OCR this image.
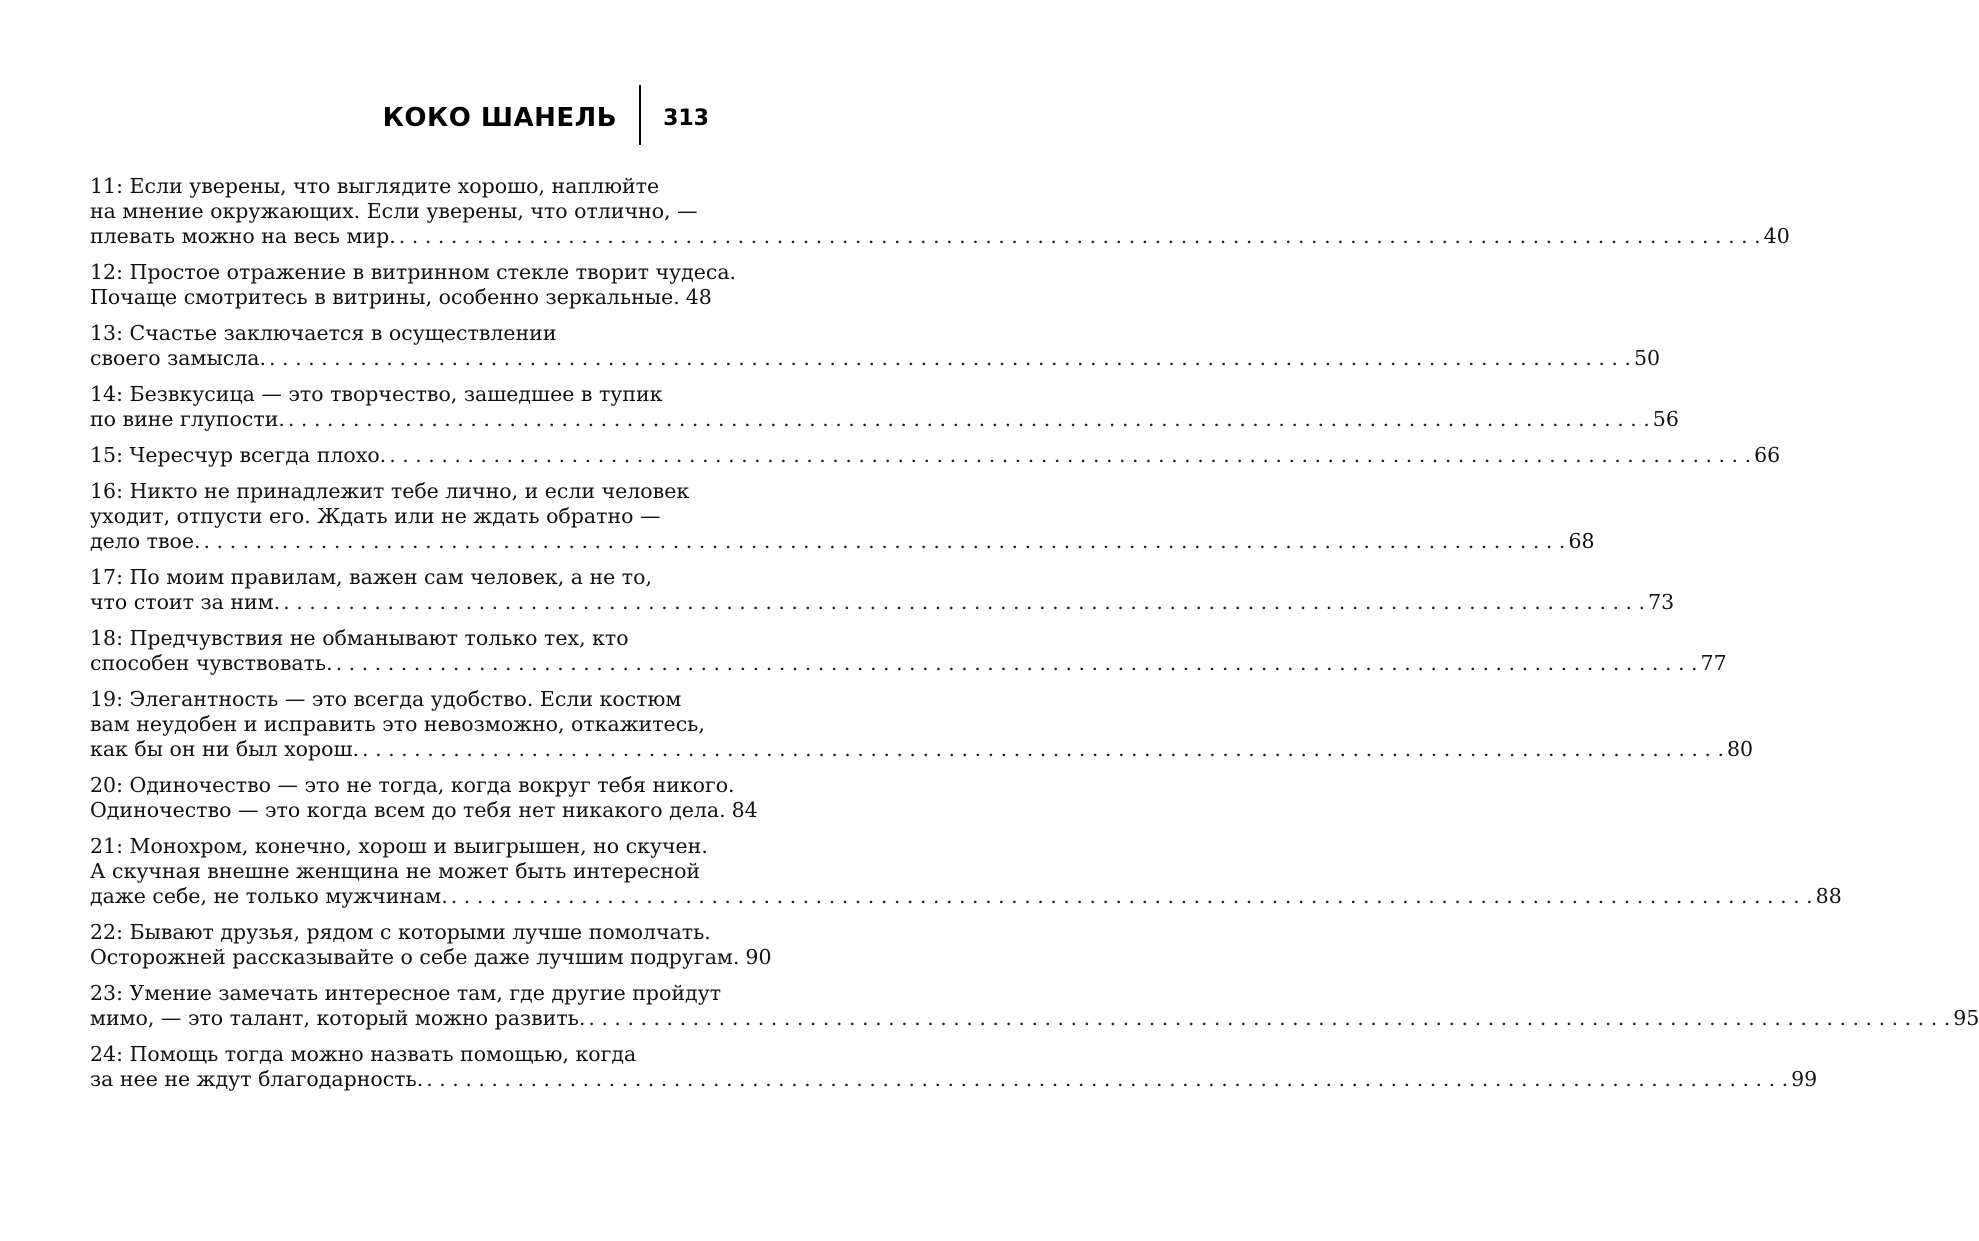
КОКО ШАНЕЛЬ 313
11: Если уверены, что выглядите хорошо, наплюйте
на мнение окружающих. Если уверены, что отлично, —
плевать можно на весь мир. . . .	40
12: Простое отражение в витринном стекле творит чудеса.
Почаще смотритесь в витрины, особенно зеркальные. 48
13: Счастье заключается в осуществлении
своего замысла. . . .	50
14: Безвкусица — это творчество, зашедшее в тупик
по вине глупости. . . .	56
15: Чересчур всегда плохо. . . .	66
16: Никто не принадлежит тебе лично, и если человек
уходит, отпусти его. Ждать или не ждать обратно —
дело твое. . . .	68
17: По моим правилам, важен сам человек, а не то,
что стоит за ним. . . .	73
18: Предчувствия не обманывают только тех, кто
способен чувствовать. . . .	77
19: Элегантность — это всегда удобство. Если костюм
вам неудобен и исправить это невозможно, откажитесь,
как бы он ни был хорош. . . .	80
20: Одиночество — это не тогда, когда вокруг тебя никого.
Одиночество — это когда всем до тебя нет никакого дела. 84
21: Монохром, конечно, хорош и выигрышен, но скучен.
А скучная внешне женщина не может быть интересной
даже себе, не только мужчинам. . . .	88
22: Бывают друзья, рядом с которыми лучше помолчать.
Осторожней рассказывайте о себе даже лучшим подругам. 90
23: Умение замечать интересное там, где другие пройдут
мимо, — это талант, который можно развить. . . .	95
24: Помощь тогда можно назвать помощью, когда
за нее не ждут благодарность. . . .	99
